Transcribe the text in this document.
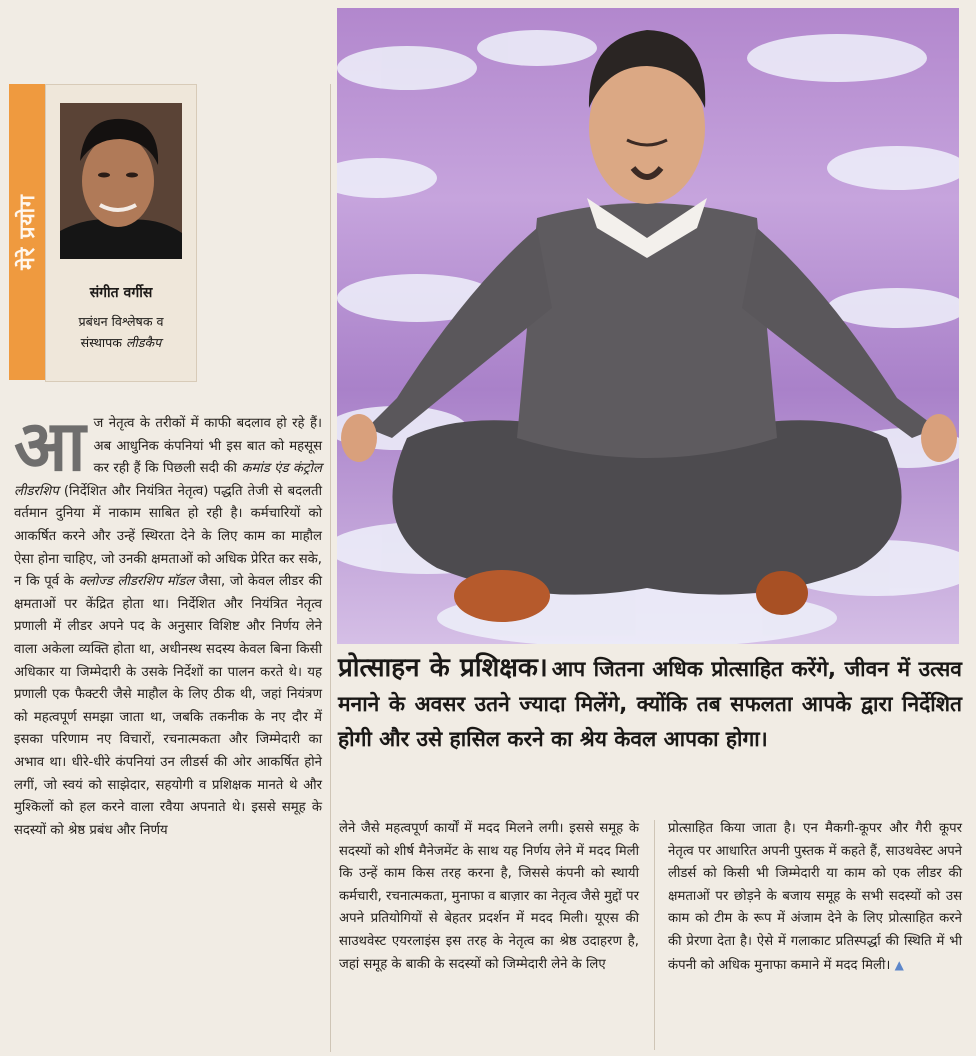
मेरे प्रयोग
संगीत वर्गीस
प्रबंधन विश्लेषक व
संस्थापक लीडकैप
आज नेतृत्व के तरीकों में काफी बदलाव हो रहे हैं। अब आधुनिक कंपनियां भी इस बात को महसूस कर रही हैं कि पिछली सदी की कमांड एंड कंट्रोल लीडरशिप (निर्देशित और नियंत्रित नेतृत्व) पद्धति तेजी से बदलती वर्तमान दुनिया में नाकाम साबित हो रही है। कर्मचारियों को आकर्षित करने और उन्हें स्थिरता देने के लिए काम का माहौल ऐसा होना चाहिए, जो उनकी क्षमताओं को अधिक प्रेरित कर सके, न कि पूर्व के क्लोज्ड लीडरशिप मॉडल जैसा, जो केवल लीडर की क्षमताओं पर केंद्रित होता था। निर्देशित और नियंत्रित नेतृत्व प्रणाली में लीडर अपने पद के अनुसार विशिष्ट और निर्णय लेने वाला अकेला व्यक्ति होता था, अधीनस्थ सदस्य केवल बिना किसी अधिकार या जिम्मेदारी के उसके निर्देशों का पालन करते थे। यह प्रणाली एक फैक्टरी जैसे माहौल के लिए ठीक थी, जहां नियंत्रण को महत्वपूर्ण समझा जाता था, जबकि तकनीक के नए दौर में इसका परिणाम नए विचारों, रचनात्मकता और जिम्मेदारी का अभाव था। धीरे-धीरे कंपनियां उन लीडर्स की ओर आकर्षित होने लगीं, जो स्वयं को साझेदार, सहयोगी व प्रशिक्षक मानते थे और मुश्किलों को हल करने वाला रवैया अपनाते थे। इससे समूह के सदस्यों को श्रेष्ठ प्रबंध और निर्णय
प्रोत्साहन के प्रशिक्षक। आप जितना अधिक प्रोत्साहित करेंगे, जीवन में उत्सव मनाने के अवसर उतने ज्यादा मिलेंगे, क्योंकि तब सफलता आपके द्वारा निर्देशित होगी और उसे हासिल करने का श्रेय केवल आपका होगा।
लेने जैसे महत्वपूर्ण कार्यों में मदद मिलने लगी। इससे समूह के सदस्यों को शीर्ष मैनेजमेंट के साथ यह निर्णय लेने में मदद मिली कि उन्हें काम किस तरह करना है, जिससे कंपनी को स्थायी कर्मचारी, रचनात्मकता, मुनाफा व बाज़ार का नेतृत्व जैसे मुद्दों पर अपने प्रतियोगियों से बेहतर प्रदर्शन में मदद मिली। यूएस की साउथवेस्ट एयरलाइंस इस तरह के नेतृत्व का श्रेष्ठ उदाहरण है, जहां समूह के बाकी के सदस्यों को जिम्मेदारी लेने के लिए
प्रोत्साहित किया जाता है। एन मैकगी-कूपर और गैरी कूपर नेतृत्व पर आधारित अपनी पुस्तक में कहते हैं, साउथवेस्ट अपने लीडर्स को किसी भी जिम्मेदारी या काम को एक लीडर की क्षमताओं पर छोड़ने के बजाय समूह के सभी सदस्यों को उस काम को टीम के रूप में अंजाम देने के लिए प्रोत्साहित करने की प्रेरणा देता है। ऐसे में गलाकाट प्रतिस्पर्द्धा की स्थिति में भी कंपनी को अधिक मुनाफा कमाने में मदद मिली। ▲
